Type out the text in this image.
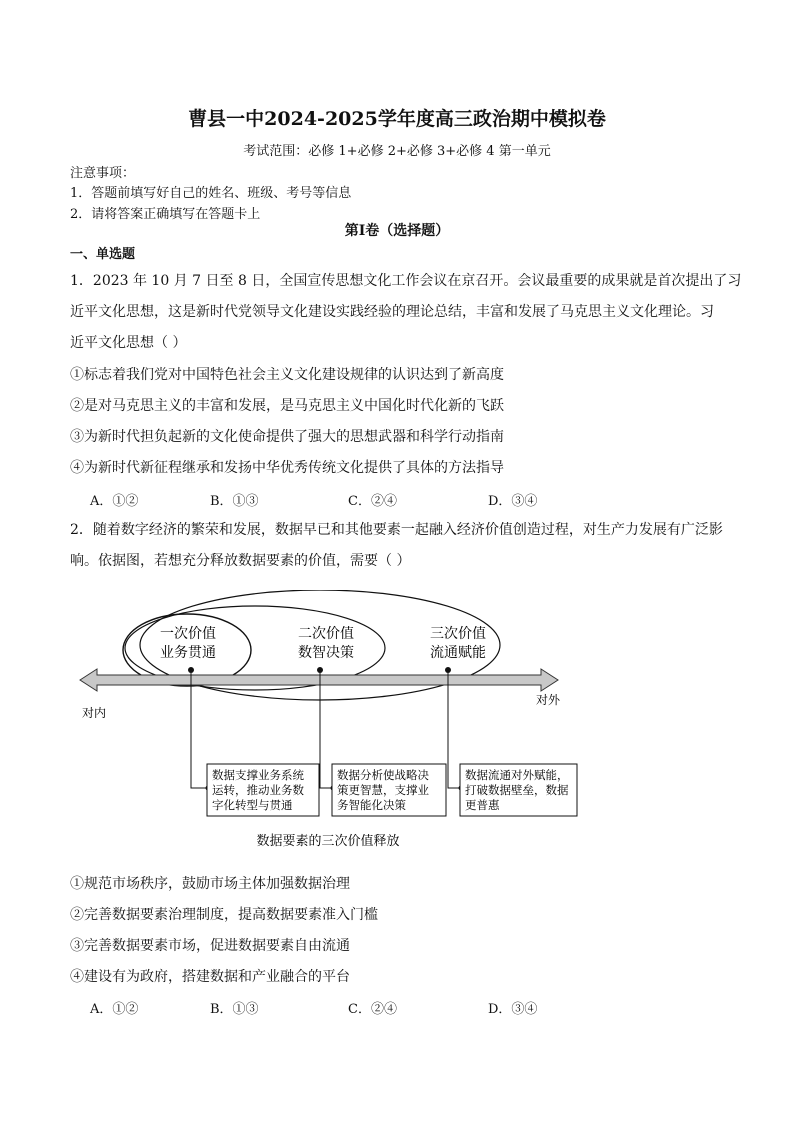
曹县一中2024-2025学年度高三政治期中模拟卷
考试范围：必修 1+必修 2+必修 3+必修 4 第一单元
注意事项：
1．答题前填写好自己的姓名、班级、考号等信息
2．请将答案正确填写在答题卡上
第I卷（选择题）
一、单选题
1．2023 年 10 月 7 日至 8 日，全国宣传思想文化工作会议在京召开。会议最重要的成果就是首次提出了习
近平文化思想，这是新时代党领导文化建设实践经验的理论总结，丰富和发展了马克思主义文化理论。习
近平文化思想（ ）
①标志着我们党对中国特色社会主义文化建设规律的认识达到了新高度
②是对马克思主义的丰富和发展，是马克思主义中国化时代化新的飞跃
③为新时代担负起新的文化使命提供了强大的思想武器和科学行动指南
④为新时代新征程继承和发扬中华优秀传统文化提供了具体的方法指导
A．①②	B．①③	C．②④	D．③④
2．随着数字经济的繁荣和发展，数据早已和其他要素一起融入经济价值创造过程，对生产力发展有广泛影
响。依据图，若想充分释放数据要素的价值，需要（ ）
一次价值
业务贯通
二次价值
数智决策
三次价值
流通赋能
对内
对外
数据支撑业务系统
运转，推动业务数
字化转型与贯通
数据分析使战略决
策更智慧，支撑业
务智能化决策
数据流通对外赋能，
打破数据壁垒，数据
更普惠
数据要素的三次价值释放
①规范市场秩序，鼓励市场主体加强数据治理
②完善数据要素治理制度，提高数据要素准入门槛
③完善数据要素市场，促进数据要素自由流通
④建设有为政府，搭建数据和产业融合的平台
A．①②	B．①③	C．②④	D．③④
